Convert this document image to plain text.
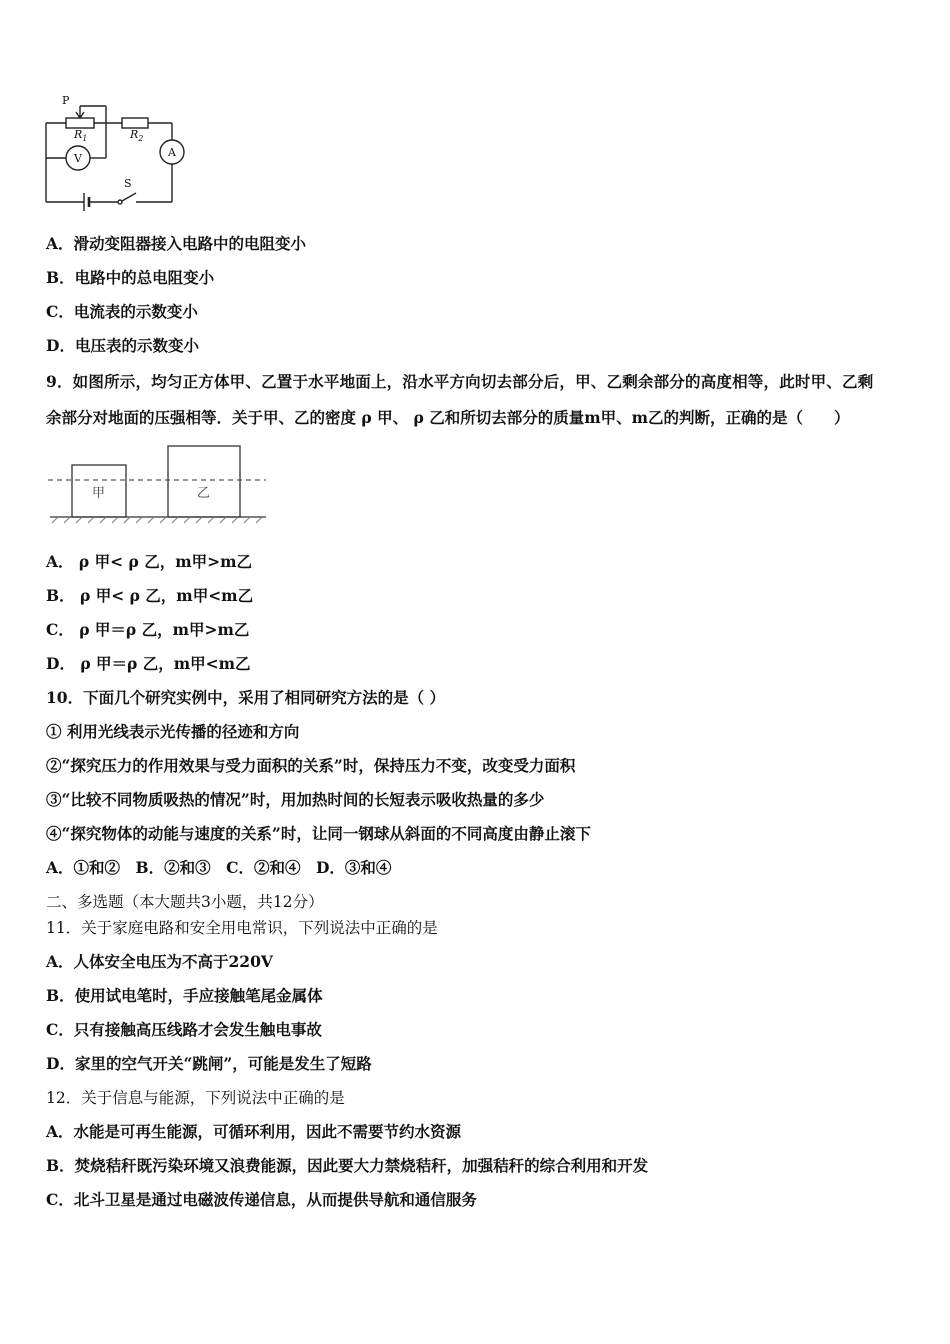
P
$R_1$	$R_2$
V	A
S
A．滑动变阻器接入电路中的电阻变小
B．电路中的总电阻变小
C．电流表的示数变小
D．电压表的示数变小
9．如图所示，均匀正方体甲、乙置于水平地面上，沿水平方向切去部分后，甲、乙剩余部分的高度相等，此时甲、乙剩
余部分对地面的压强相等．关于甲、乙的密度 ρ 甲、 ρ 乙和所切去部分的质量m甲、m乙的判断，正确的是（　　）
甲	乙
A． ρ 甲< ρ 乙，m甲>m乙
B． ρ 甲< ρ 乙，m甲<m乙
C． ρ 甲＝ρ 乙，m甲>m乙
D． ρ 甲＝ρ 乙，m甲<m乙
10．下面几个研究实例中，采用了相同研究方法的是（ ）
① 利用光线表示光传播的径迹和方向
②“探究压力的作用效果与受力面积的关系”时，保持压力不变，改变受力面积
③“比较不同物质吸热的情况”时，用加热时间的长短表示吸收热量的多少
④“探究物体的动能与速度的关系”时，让同一钢球从斜面的不同高度由静止滚下
A．①和②　B．②和③　C．②和④　D．③和④
二、多选题（本大题共3小题，共12分）
11．关于家庭电路和安全用电常识，下列说法中正确的是
A．人体安全电压为不高于220V
B．使用试电笔时，手应接触笔尾金属体
C．只有接触高压线路才会发生触电事故
D．家里的空气开关“跳闸”，可能是发生了短路
12．关于信息与能源，下列说法中正确的是
A．水能是可再生能源，可循环利用，因此不需要节约水资源
B．焚烧秸秆既污染环境又浪费能源，因此要大力禁烧秸秆，加强秸秆的综合利用和开发
C．北斗卫星是通过电磁波传递信息，从而提供导航和通信服务
